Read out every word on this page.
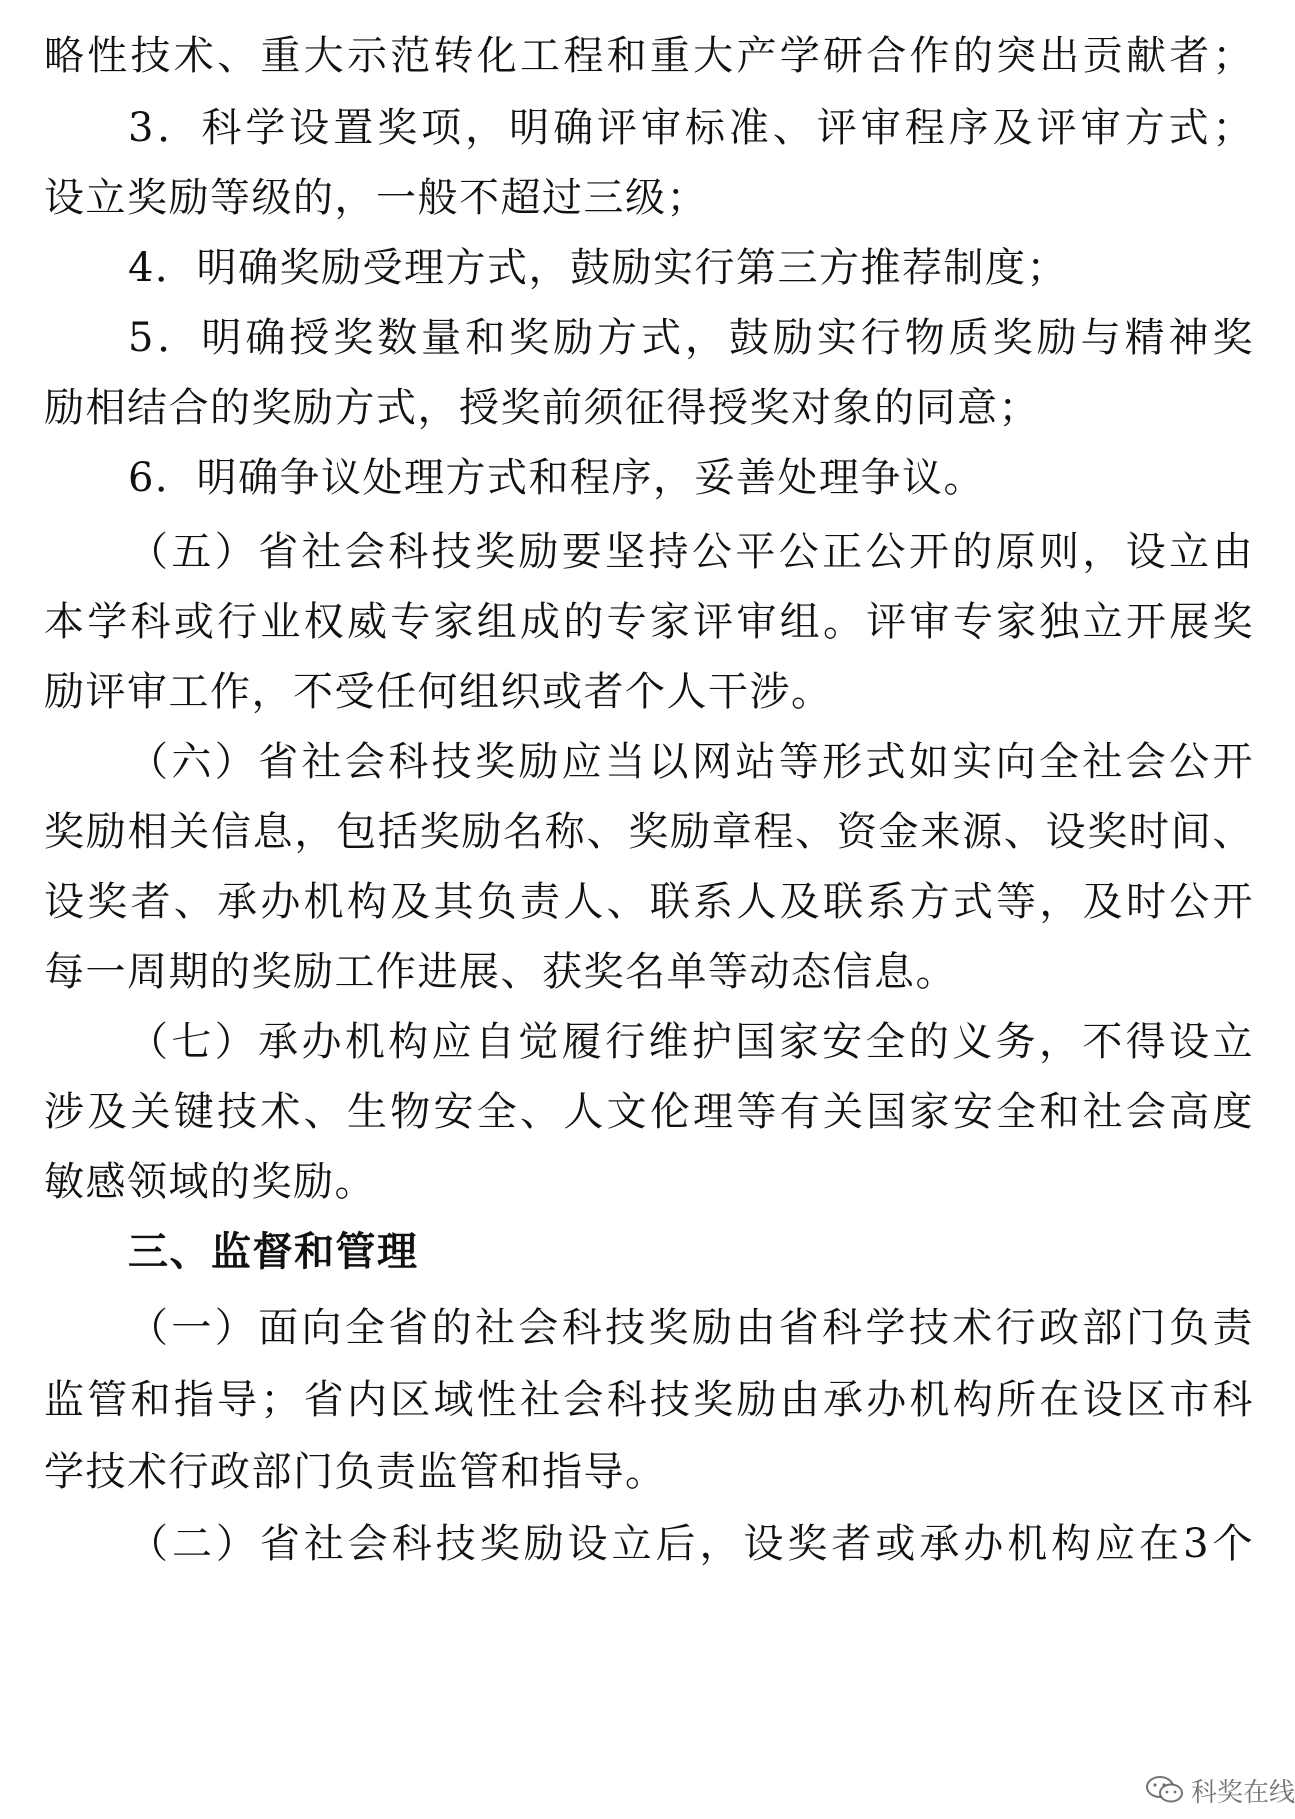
略性技术、重大示范转化工程和重大产学研合作的突出贡献者；
3．科学设置奖项，明确评审标准、评审程序及评审方式；
设立奖励等级的，一般不超过三级；
4．明确奖励受理方式，鼓励实行第三方推荐制度；
5．明确授奖数量和奖励方式，鼓励实行物质奖励与精神奖
励相结合的奖励方式，授奖前须征得授奖对象的同意；
6．明确争议处理方式和程序，妥善处理争议。
（五）省社会科技奖励要坚持公平公正公开的原则，设立由
本学科或行业权威专家组成的专家评审组。评审专家独立开展奖
励评审工作，不受任何组织或者个人干涉。
（六）省社会科技奖励应当以网站等形式如实向全社会公开
奖励相关信息，包括奖励名称、奖励章程、资金来源、设奖时间、
设奖者、承办机构及其负责人、联系人及联系方式等，及时公开
每一周期的奖励工作进展、获奖名单等动态信息。
（七）承办机构应自觉履行维护国家安全的义务，不得设立
涉及关键技术、生物安全、人文伦理等有关国家安全和社会高度
敏感领域的奖励。
三、监督和管理
（一）面向全省的社会科技奖励由省科学技术行政部门负责
监管和指导；省内区域性社会科技奖励由承办机构所在设区市科
学技术行政部门负责监管和指导。
（二）省社会科技奖励设立后，设奖者或承办机构应在3个
科奖在线
